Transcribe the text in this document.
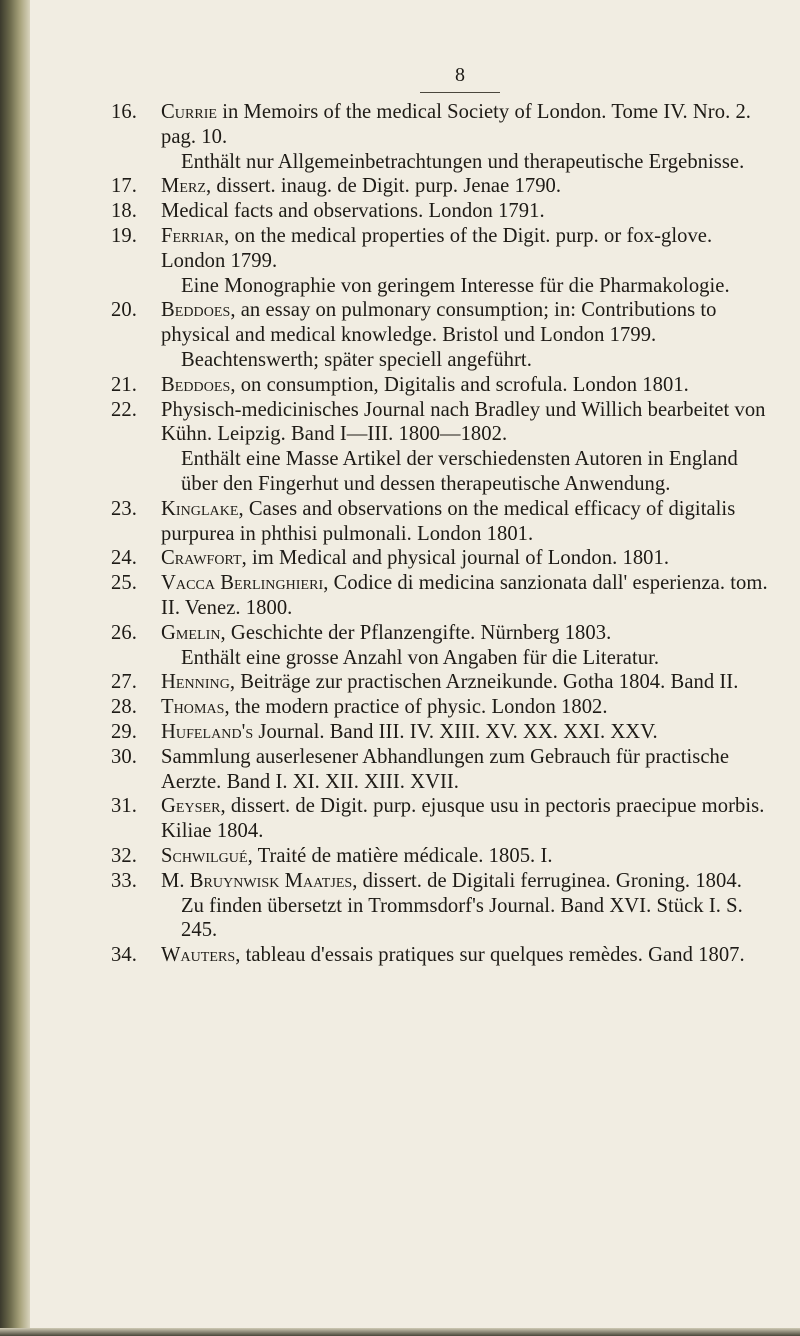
8
16. Currie in Memoirs of the medical Society of London. Tome IV. Nro. 2. pag. 10.
Enthält nur Allgemeinbetrachtungen und therapeutische Ergebnisse.
17. Merz, dissert. inaug. de Digit. purp. Jenae 1790.
18. Medical facts and observations. London 1791.
19. Ferriar, on the medical properties of the Digit. purp. or fox-glove. London 1799.
Eine Monographie von geringem Interesse für die Pharmakologie.
20. Beddoes, an essay on pulmonary consumption; in: Contributions to physical and medical knowledge. Bristol und London 1799.
Beachtenswerth; später speciell angeführt.
21. Beddoes, on consumption, Digitalis and scrofula. London 1801.
22. Physisch-medicinisches Journal nach Bradley und Willich bearbeitet von Kühn. Leipzig. Band I—III. 1800—1802.
Enthält eine Masse Artikel der verschiedensten Autoren in England über den Fingerhut und dessen therapeutische Anwendung.
23. Kinglake, Cases and observations on the medical efficacy of digitalis purpurea in phthisi pulmonali. London 1801.
24. Crawfort, im Medical and physical journal of London. 1801.
25. Vacca Berlinghieri, Codice di medicina sanzionata dall' esperienza. tom. II. Venez. 1800.
26. Gmelin, Geschichte der Pflanzengifte. Nürnberg 1803.
Enthält eine grosse Anzahl von Angaben für die Literatur.
27. Henning, Beiträge zur practischen Arzneikunde. Gotha 1804. Band II.
28. Thomas, the modern practice of physic. London 1802.
29. Hufeland's Journal. Band III. IV. XIII. XV. XX. XXI. XXV.
30. Sammlung auserlesener Abhandlungen zum Gebrauch für practische Aerzte. Band I. XI. XII. XIII. XVII.
31. Geyser, dissert. de Digit. purp. ejusque usu in pectoris praecipue morbis. Kiliae 1804.
32. Schwilgué, Traité de matière médicale. 1805. I.
33. M. Bruynwisk Maatjes, dissert. de Digitali ferruginea. Groning. 1804.
Zu finden übersetzt in Trommsdorf's Journal. Band XVI. Stück I. S. 245.
34. Wauters, tableau d'essais pratiques sur quelques remèdes. Gand 1807.
